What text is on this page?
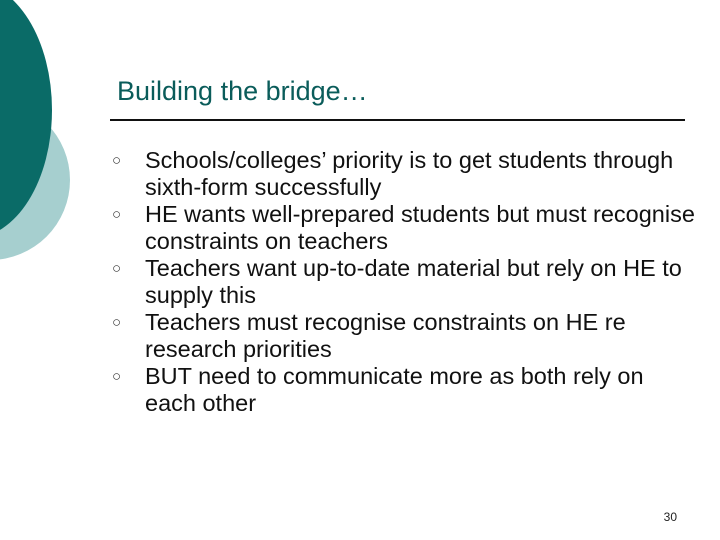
Building the bridge…
○	Schools/colleges’ priority is to get students through sixth-form successfully
○	HE wants well-prepared students but must recognise constraints on teachers
○	Teachers want up-to-date material but rely on HE to supply this
○	Teachers must recognise constraints on HE re research priorities
○	BUT need to communicate more as both rely on each other
30
